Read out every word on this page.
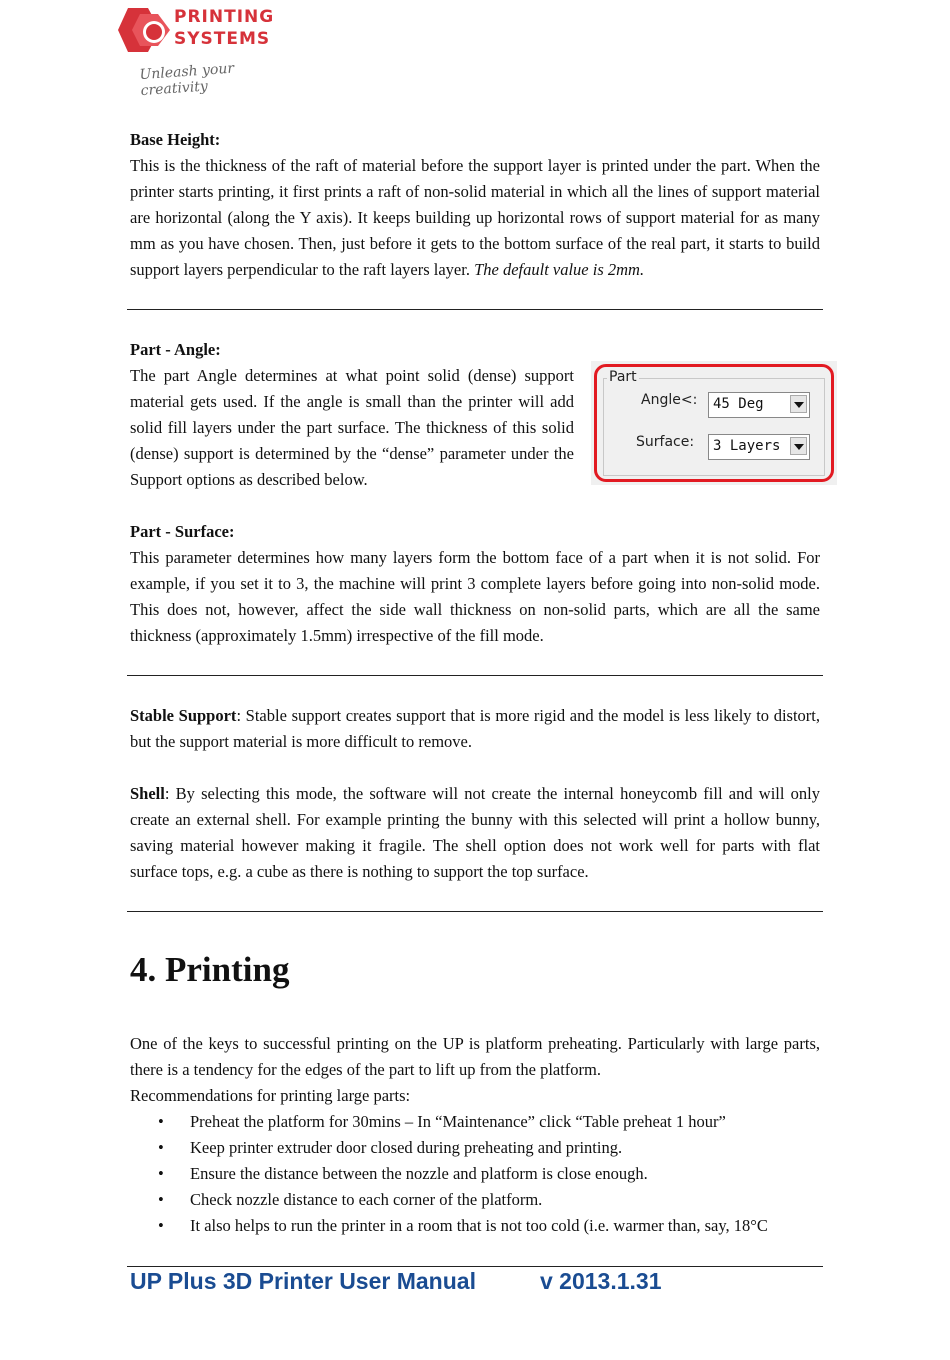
PRINTING
SYSTEMS
Unleash your creativity

Base Height:
This is the thickness of the raft of material before the support layer is printed under the part. When the printer starts printing, it first prints a raft of non-solid material in which all the lines of support material are horizontal (along the Y axis). It keeps building up horizontal rows of support material for as many mm as you have chosen. Then, just before it gets to the bottom surface of the real part, it starts to build support layers perpendicular to the raft layers layer. The default value is 2mm.

Part - Angle:
The part Angle determines at what point solid (dense) support material gets used. If the angle is small than the printer will add solid fill layers under the part surface. The thickness of this solid (dense) support is determined by the “dense” parameter under the Support options as described below.

Part
Angle<: 45 Deg
Surface: 3 Layers

Part - Surface:
This parameter determines how many layers form the bottom face of a part when it is not solid. For example, if you set it to 3, the machine will print 3 complete layers before going into non-solid mode. This does not, however, affect the side wall thickness on non-solid parts, which are all the same thickness (approximately 1.5mm) irrespective of the fill mode.

Stable Support: Stable support creates support that is more rigid and the model is less likely to distort, but the support material is more difficult to remove.

Shell: By selecting this mode, the software will not create the internal honeycomb fill and will only create an external shell. For example printing the bunny with this selected will print a hollow bunny, saving material however making it fragile. The shell option does not work well for parts with flat surface tops, e.g. a cube as there is nothing to support the top surface.

4. Printing

One of the keys to successful printing on the UP is platform preheating. Particularly with large parts, there is a tendency for the edges of the part to lift up from the platform.

Recommendations for printing large parts:

• Preheat the platform for 30mins – In “Maintenance” click “Table preheat 1 hour”
• Keep printer extruder door closed during preheating and printing.
• Ensure the distance between the nozzle and platform is close enough.
• Check nozzle distance to each corner of the platform.
• It also helps to run the printer in a room that is not too cold (i.e. warmer than, say, 18°C
UP Plus 3D Printer User Manual	v 2013.1.31
